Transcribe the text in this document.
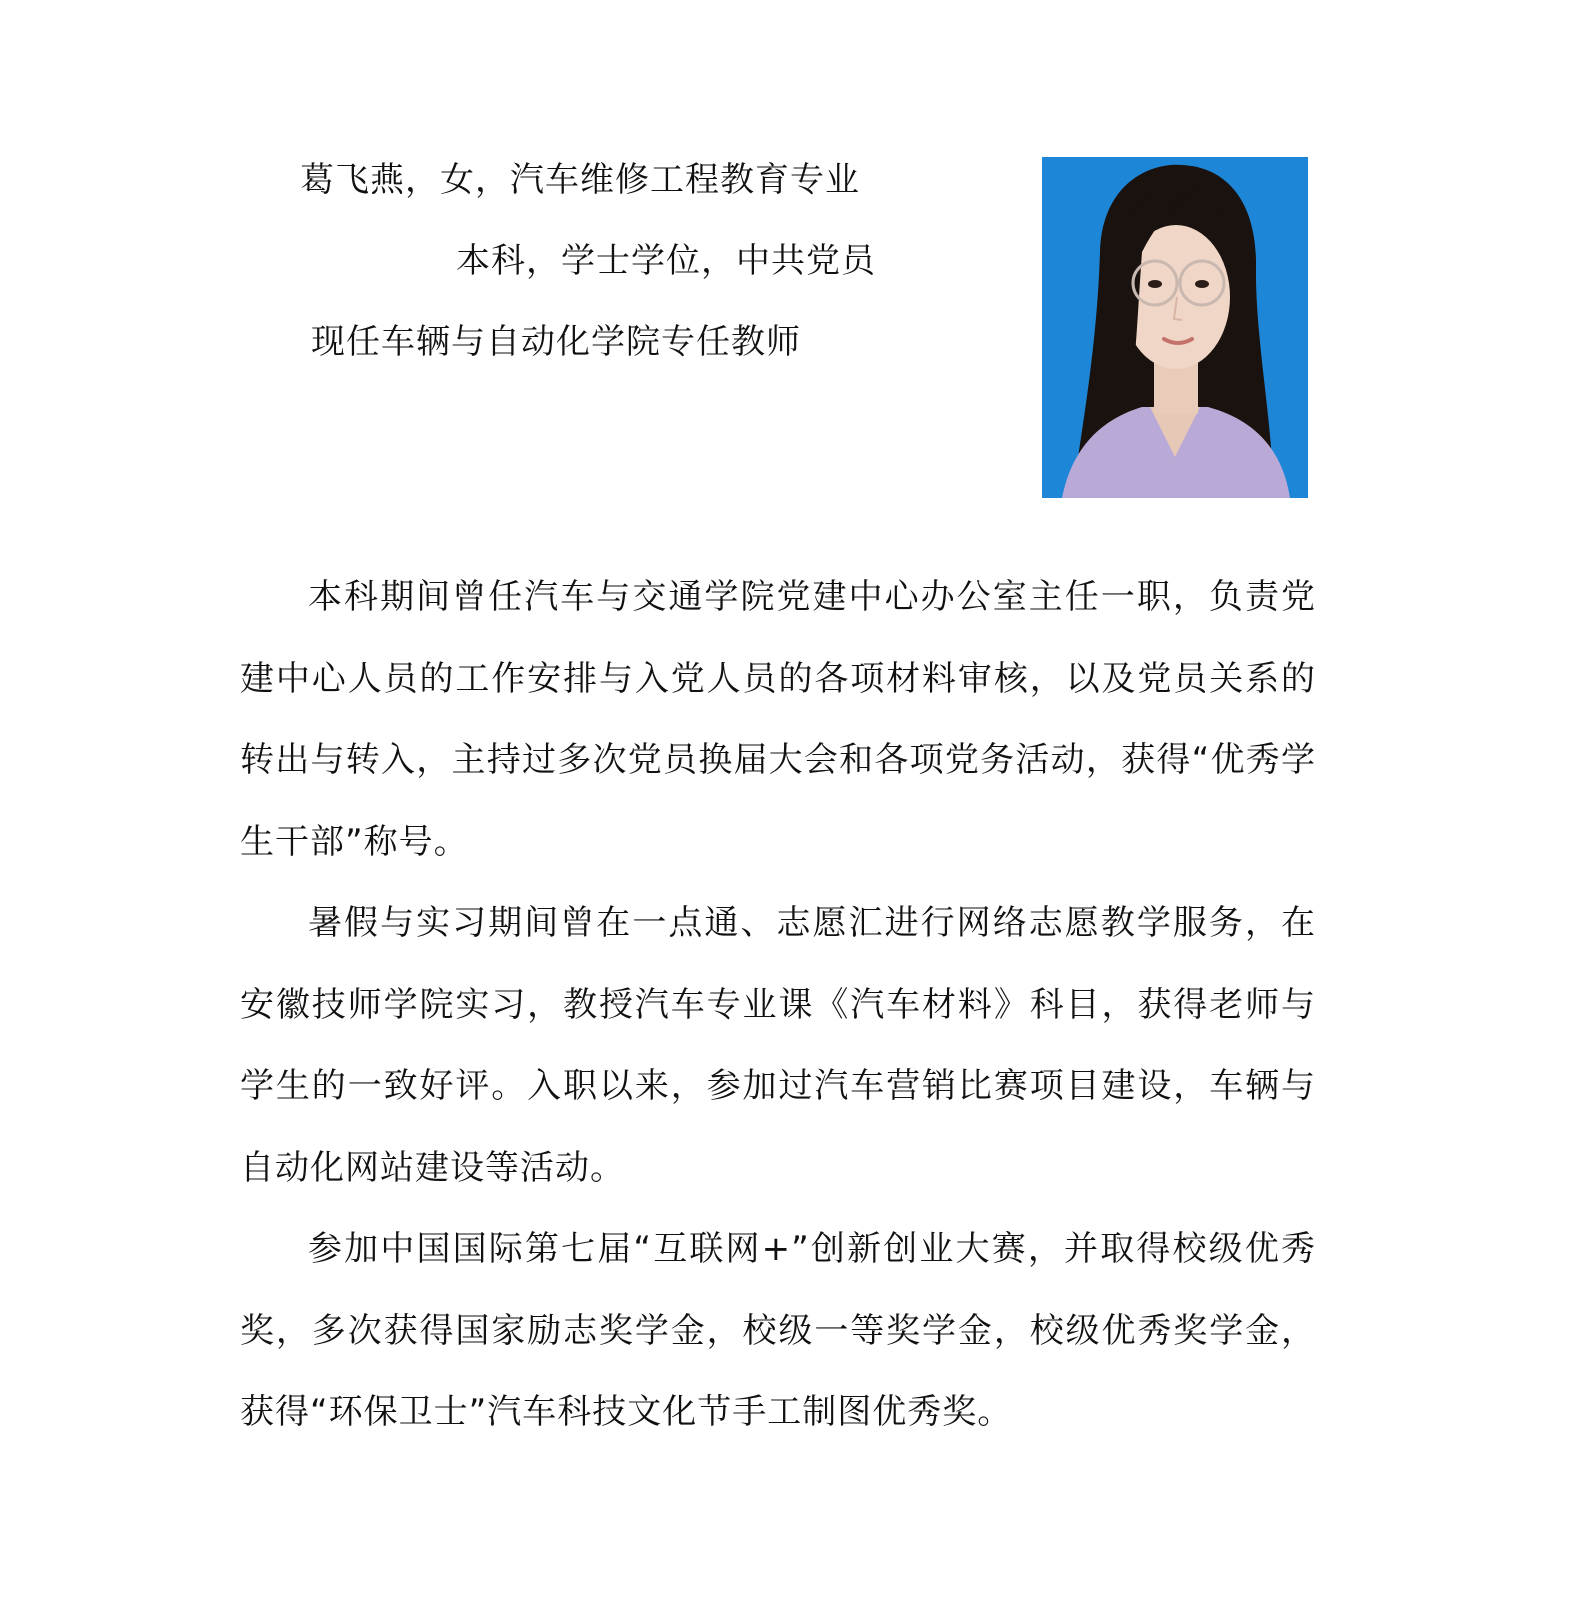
葛飞燕，女，汽车维修工程教育专业
本科，学士学位，中共党员
现任车辆与自动化学院专任教师

本科期间曾任汽车与交通学院党建中心办公室主任一职，负责党建中心人员的工作安排与入党人员的各项材料审核，以及党员关系的转出与转入，主持过多次党员换届大会和各项党务活动，获得“优秀学生干部”称号。

暑假与实习期间曾在一点通、志愿汇进行网络志愿教学服务，在安徽技师学院实习，教授汽车专业课《汽车材料》科目，获得老师与学生的一致好评。入职以来，参加过汽车营销比赛项目建设，车辆与自动化网站建设等活动。

参加中国国际第七届“互联网+”创新创业大赛，并取得校级优秀奖，多次获得国家励志奖学金，校级一等奖学金，校级优秀奖学金，获得“环保卫士”汽车科技文化节手工制图优秀奖。
